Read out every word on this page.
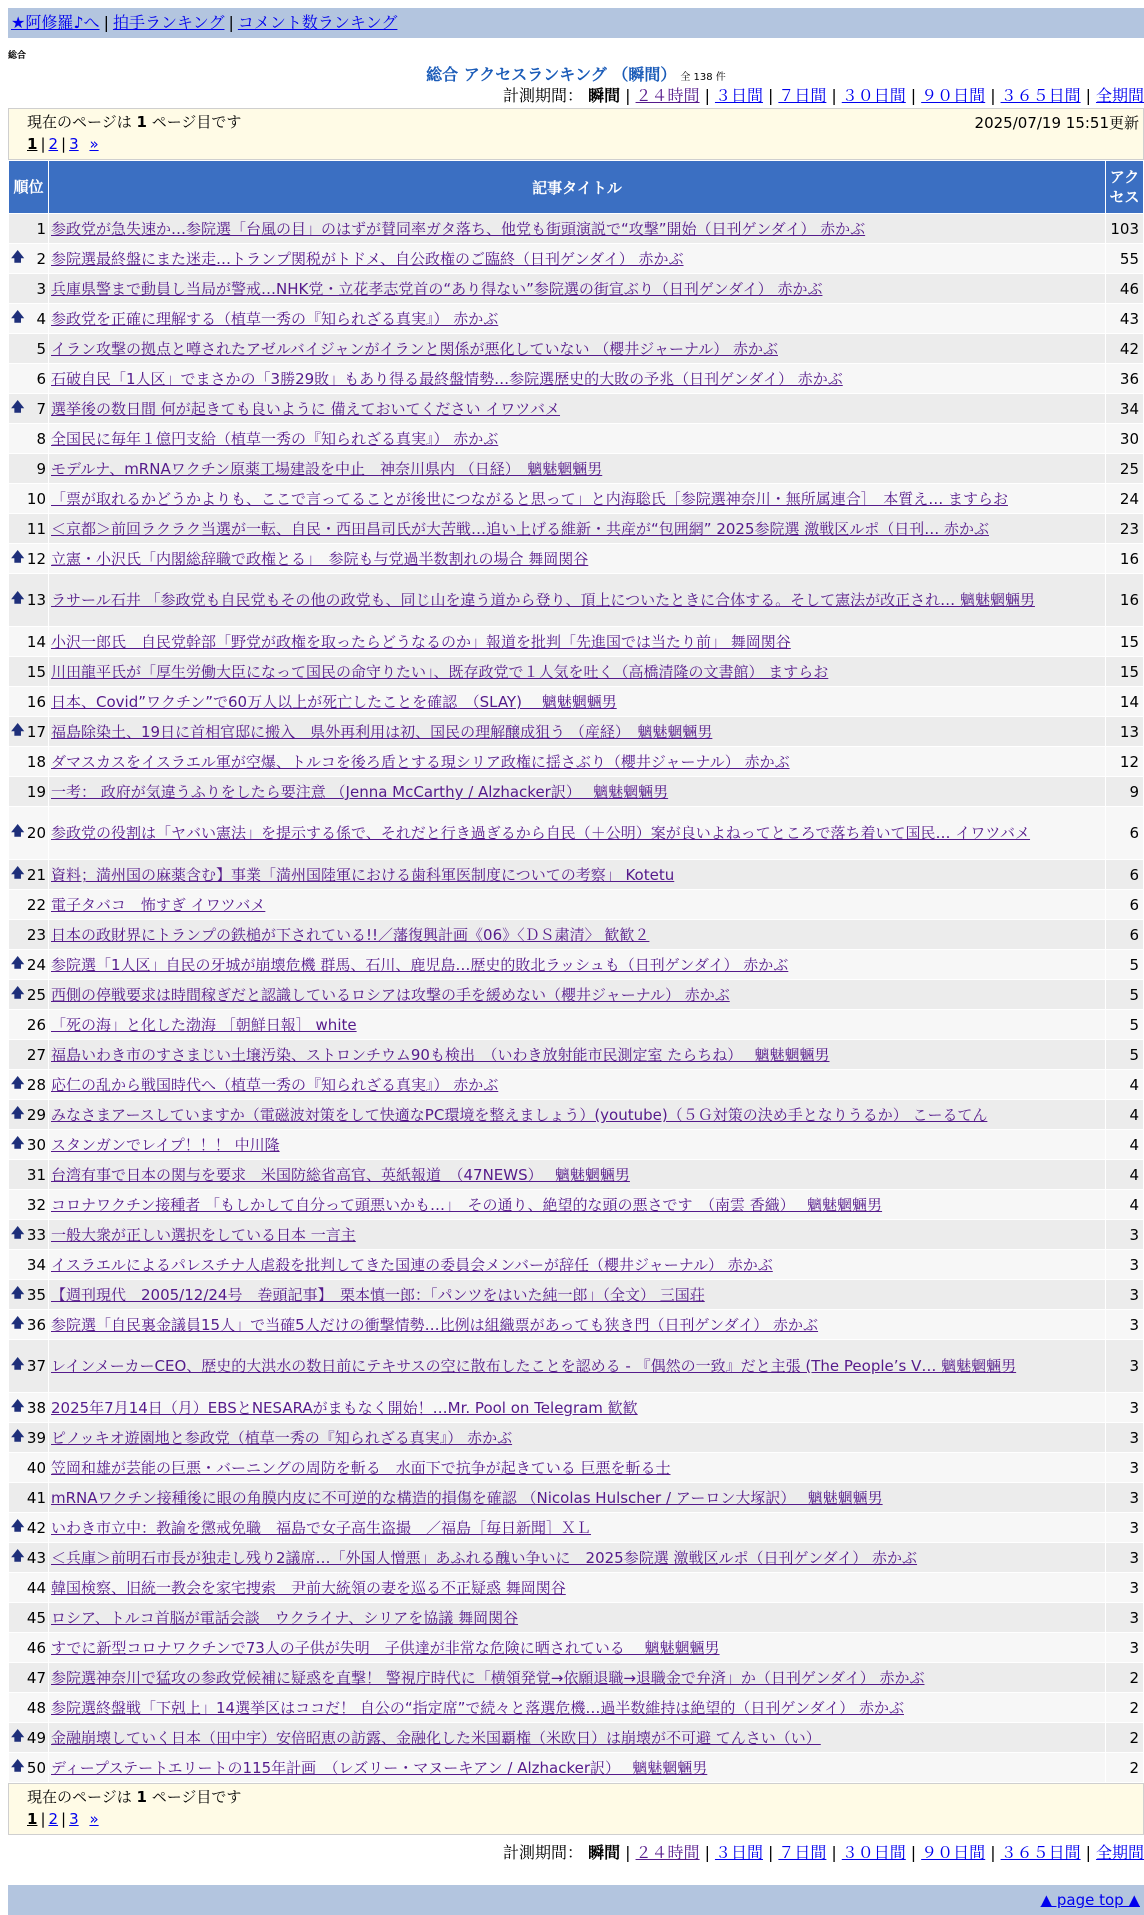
★阿修羅♪へ | 拍手ランキング | コメント数ランキング
総合
総合 アクセスランキング （瞬間） 全 138 件
計測期間： 瞬間 | ２４時間 | ３日間 | ７日間 | ３０日間 | ９０日間 | ３６５日間 | 全期間
現在のページは 1 ページ目です	2025/07/19 15:51更新
1 | 2 | 3 »
順位	記事タイトル	アクセス
1	参政党が急失速か…参院選「台風の目」のはずが賛同率ガタ落ち、他党も街頭演説で“攻撃”開始（日刊ゲンダイ） 赤かぶ	103

🡅 2	参院選最終盤にまた迷走…トランプ関税がトドメ、自公政権のご臨終（日刊ゲンダイ） 赤かぶ	55
3	兵庫県警まで動員し当局が警戒…NHK党・立花孝志党首の“あり得ない”参院選の街宣ぶり（日刊ゲンダイ） 赤かぶ	46

🡅 4	参政党を正確に理解する（植草一秀の『知られざる真実』） 赤かぶ	43
5	イラン攻撃の拠点と噂されたアゼルバイジャンがイランと関係が悪化していない （櫻井ジャーナル） 赤かぶ	42
6	石破自民「1人区」でまさかの「3勝29敗」もあり得る最終盤情勢…参院選歴史的大敗の予兆（日刊ゲンダイ） 赤かぶ	36

🡅 7	選挙後の数日間 何が起きても良いように 備えておいてください イワツバメ	34
8	全国民に毎年１億円支給（植草一秀の『知られざる真実』） 赤かぶ	30
9	モデルナ、mRNAワクチン原薬工場建設を中止　神奈川県内 （日経）　魑魅魍魎男	25
10	「票が取れるかどうかよりも、ここで言ってることが後世につながると思って」と内海聡氏［参院選神奈川・無所属連合］　本質え… ますらお	24
11	＜京都＞前回ラクラク当選が一転、自民・西田昌司氏が大苦戦…追い上げる維新・共産が“包囲網” 2025参院選 激戦区ルポ（日刊… 赤かぶ	23

🡅 12	立憲・小沢氏「内閣総辞職で政権とる」　参院も与党過半数割れの場合 舞岡関谷	16

🡅 13	ラサール石井 「参政党も自民党もその他の政党も、同じ山を違う道から登り、頂上についたときに合体する。そして憲法が改正され… 魑魅魍魎男	16
14	小沢一郎氏　自民党幹部「野党が政権を取ったらどうなるのか」報道を批判「先進国では当たり前」 舞岡関谷	15
15	川田龍平氏が「厚生労働大臣になって国民の命守りたい」、既存政党で１人気を吐く（高橋清隆の文書館） ますらお	15
16	日本、Covid”ワクチン”で60万人以上が死亡したことを確認　（SLAY)　 魑魅魍魎男	14

🡅 17	福島除染土、19日に首相官邸に搬入　県外再利用は初、国民の理解醸成狙う （産経）　魑魅魍魎男	13
18	ダマスカスをイスラエル軍が空爆、トルコを後ろ盾とする現シリア政権に揺さぶり（櫻井ジャーナル） 赤かぶ	12
19	一考： 政府が気違うふりをしたら要注意 （Jenna McCarthy / Alzhacker訳）　 魑魅魍魎男	9

🡅 20	参政党の役割は「ヤバい憲法」を提示する係で、それだと行き過ぎるから自民（＋公明）案が良いよねってところで落ち着いて国民… イワツバメ	6

🡅 21	資料；満州国の麻薬含む】事業「満州国陸軍における歯科軍医制度についての考察」 Kotetu	6
22	電子タバコ　怖すぎ イワツバメ	6
23	日本の政財界にトランプの鉄槌が下されている!!／藩復興計画《06》〈ＤＳ粛清〉 歓歓２	6

🡅 24	参院選「1人区」自民の牙城が崩壊危機 群馬、石川、鹿児島…歴史的敗北ラッシュも（日刊ゲンダイ） 赤かぶ	5

🡅 25	西側の停戦要求は時間稼ぎだと認識しているロシアは攻撃の手を緩めない（櫻井ジャーナル） 赤かぶ	5
26	「死の海」と化した渤海 ［朝鮮日報］ white	5
27	福島いわき市のすさまじい土壌汚染、ストロンチウム90も検出　（いわき放射能市民測定室 たらちね）　 魑魅魍魎男	5

🡅 28	応仁の乱から戦国時代へ（植草一秀の『知られざる真実』） 赤かぶ	4

🡅 29	みなさまアースしていますか（電磁波対策をして快適なPC環境を整えましょう）(youtube)（５Ｇ対策の決め手となりうるか） こーるてん	4

🡅 30	スタンガンでレイプ！！！ 中川隆	4
31	台湾有事で日本の関与を要求　米国防総省高官、英紙報道　（47NEWS）　 魑魅魍魎男	4
32	コロナワクチン接種者 「もしかして自分って頭悪いかも…」　その通り、絶望的な頭の悪さです　（南雲 香織）　 魑魅魍魎男	4

🡅 33	一般大衆が正しい選択をしている日本 一言主	3
34	イスラエルによるパレスチナ人虐殺を批判してきた国連の委員会メンバーが辞任（櫻井ジャーナル） 赤かぶ	3

🡅 35	【週刊現代　2005/12/24号　巻頭記事】　栗本慎一郎：「パンツをはいた純一郎」（全文） 三国荘	3

🡅 36	参院選「自民裏金議員15人」で当確5人だけの衝撃情勢…比例は組織票があっても狭き門（日刊ゲンダイ） 赤かぶ	3

🡅 37	レインメーカーCEO、歴史的大洪水の数日前にテキサスの空に散布したことを認める - 『偶然の一致』だと主張 (The People’s V… 魑魅魍魎男	3

🡅 38	2025年7月14日（月）EBSとNESARAがまもなく開始！…Mr. Pool on Telegram 歓歓	3

🡅 39	ピノッキオ遊園地と参政党（植草一秀の『知られざる真実』） 赤かぶ	3
40	笠岡和雄が芸能の巨悪・バーニングの周防を斬る　水面下で抗争が起きている 巨悪を斬る士	3
41	mRNAワクチン接種後に眼の角膜内皮に不可逆的な構造的損傷を確認 （Nicolas Hulscher / アーロン大塚訳）　 魑魅魍魎男	3

🡅 42	いわき市立中：教諭を懲戒免職　福島で女子高生盗撮　／福島［毎日新聞］ＸＬ	3

🡅 43	＜兵庫＞前明石市長が独走し残り2議席…「外国人憎悪」あふれる醜い争いに　2025参院選 激戦区ルポ（日刊ゲンダイ） 赤かぶ	3
44	韓国検察、旧統一教会を家宅捜索　尹前大統領の妻を巡る不正疑惑 舞岡関谷	3
45	ロシア、トルコ首脳が電話会談　ウクライナ、シリアを協議 舞岡関谷	3
46	すでに新型コロナワクチンで73人の子供が失明　子供達が非常な危険に晒されている　 魑魅魍魎男	3
47	参院選神奈川で猛攻の参政党候補に疑惑を直撃！ 警視庁時代に「横領発覚→依願退職→退職金で弁済」か（日刊ゲンダイ） 赤かぶ	2
48	参院選終盤戦「下剋上」14選挙区はココだ！ 自公の“指定席”で続々と落選危機…過半数維持は絶望的（日刊ゲンダイ） 赤かぶ	2

🡅 49	金融崩壊していく日本（田中宇）安倍昭恵の訪露、金融化した米国覇権（米欧日）は崩壊が不可避 てんさい（い）	2

🡅 50	ディープステートエリートの115年計画　（レズリー・マヌーキアン / Alzhacker訳）　 魑魅魍魎男	2
現在のページは 1 ページ目です
1 | 2 | 3 »
計測期間： 瞬間 | ２４時間 | ３日間 | ７日間 | ３０日間 | ９０日間 | ３６５日間 | 全期間
▲ page top ▲
